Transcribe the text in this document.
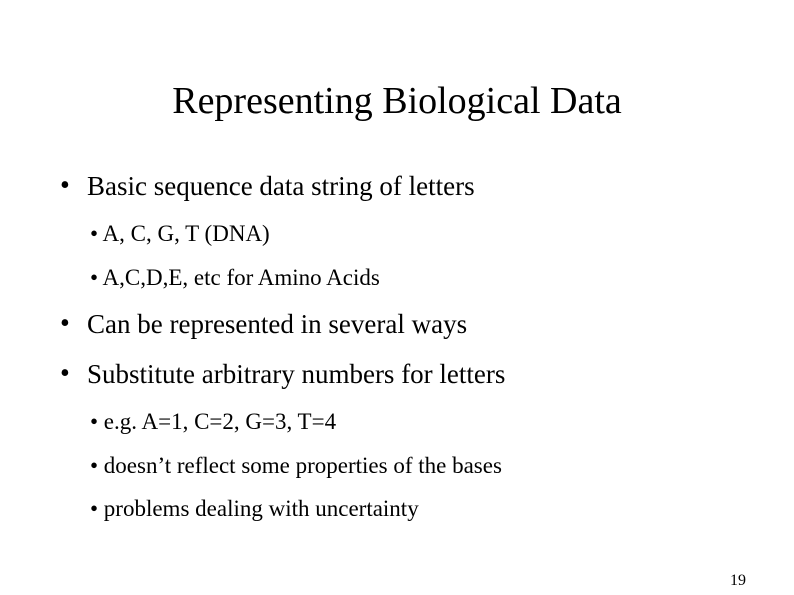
Representing Biological Data
• Basic sequence data string of letters
• A, C, G, T (DNA)
• A,C,D,E, etc for Amino Acids
• Can be represented in several ways
• Substitute arbitrary numbers for letters
• e.g. A=1, C=2, G=3, T=4
• doesn’t reflect some properties of the bases
• problems dealing with uncertainty
19
